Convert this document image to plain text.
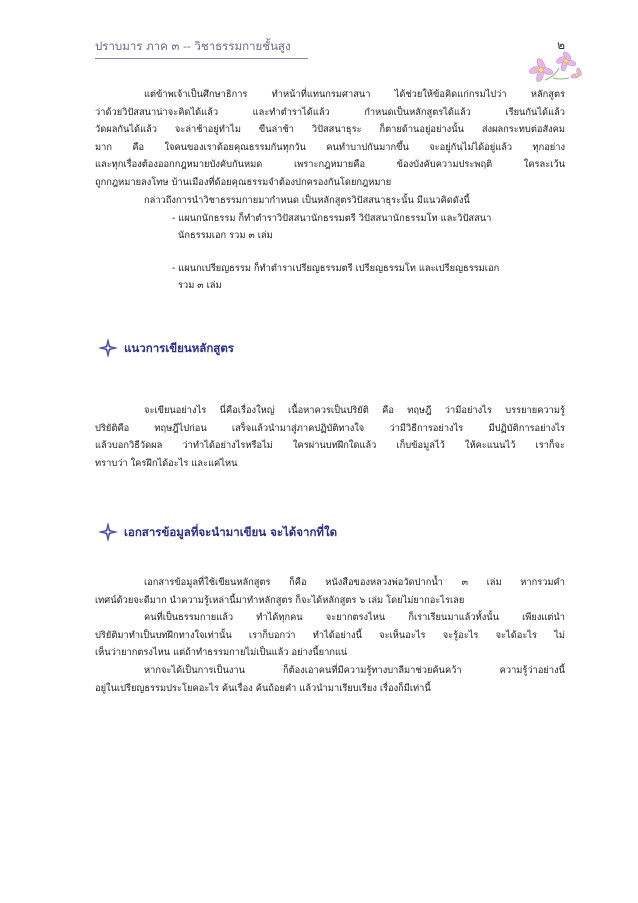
ปราบมาร ภาค ๓ -- วิชาธรรมกายชั้นสูง	๒
แต่ข้าพเจ้าเป็นศึกษาธิการ ทำหน้าที่แทนกรมศาสนา ได้ช่วยให้ข้อคิดแก่กรมไปว่า หลักสูตร
ว่าด้วยวิปัสสนาน่าจะคิดได้แล้ว และทำตำราได้แล้ว กำหนดเป็นหลักสูตรได้แล้ว เรียนกันได้แล้ว
วัดผลกันได้แล้ว จะล่าช้าอยู่ทำไม ขืนล่าช้า วิปัสสนาธุระ ก็ตายด้านอยู่อย่างนั้น ส่งผลกระทบต่อสังคม
มาก คือ ใจคนของเราด้อยคุณธรรมกันทุกวัน คนทำบาปกันมากขึ้น จะอยู่กันไม่ได้อยู่แล้ว ทุกอย่าง
และทุกเรื่องต้องออกกฎหมายบังคับกันหมด เพราะกฎหมายคือ ข้องบังคับความประพฤติ ใครละเว้น
ถูกกฎหมายลงโทษ บ้านเมืองที่ด้อยคุณธรรมจำต้องปกครองกันโดยกฎหมาย
กล่าวถึงการนำวิชาธรรมกายมากำหนด เป็นหลักสูตรวิปัสสนาธุระนั้น มีแนวคิดดังนี้
- แผนกนักธรรม ก็ทำตำราวิปัสสนานักธรรมตรี วิปัสสนานักธรรมโท และวิปัสสนา
นักธรรมเอก รวม ๓ เล่ม
- แผนกเปรียญธรรม ก็ทำตำราเปรียญธรรมตรี เปรียญธรรมโท และเปรียญธรรมเอก
รวม ๓ เล่ม
แนวการเขียนหลักสูตร
จะเขียนอย่างไร นี่คือเรื่องใหญ่ เนื้อหาควรเป็นปริยัติ คือ ทฤษฎี ว่ามีอย่างไร บรรยายความรู้
ปริยัติคือ ทฤษฎีไปก่อน เสร็จแล้วนำมาสู่ภาคปฏิบัติทางใจ ว่ามีวิธีการอย่างไร มีปฏิบัติการอย่างไร
แล้วบอกวิธีวัดผล ว่าทำได้อย่างไรหรือไม่ ใครผ่านบทฝึกใดแล้ว เก็บข้อมูลไว้ ให้คะแนนไว้ เราก็จะ
ทราบว่า ใครฝึกได้อะไร และแค่ไหน
เอกสารข้อมูลที่จะนำมาเขียน จะได้จากที่ใด
เอกสารข้อมูลที่ใช้เขียนหลักสูตร ก็คือ หนังสือของหลวงพ่อวัดปากน้ำ ๓ เล่ม หากรวมคำ
เทศน์ด้วยจะดีมาก นำความรู้เหล่านี้มาทำหลักสูตร ก็จะได้หลักสูตร ๖ เล่ม โดยไม่ยากอะไรเลย
คนที่เป็นธรรมกายแล้ว ทำได้ทุกคน จะยากตรงไหน ก็เราเรียนมาแล้วทั้งนั้น เพียงแต่นำ
ปริยัติมาทำเป็นบทฝึกทางใจเท่านั้น เราก็บอกว่า ทำได้อย่างนี้ จะเห็นอะไร จะรู้อะไร จะได้อะไร ไม่
เห็นว่ายากตรงไหน แต่ถ้าทำธรรมกายไม่เป็นแล้ว อย่างนี้ยากแน่
หากจะได้เป็นการเป็นงาน ก็ต้องเอาคนที่มีความรู้ทางบาลีมาช่วยค้นคว้า ความรู้ว่าอย่างนี้
อยู่ในเปรียญธรรมประโยคอะไร ค้นเรื่อง ค้นถ้อยคำ แล้วนำมาเรียบเรียง เรื่องก็มีเท่านี้
